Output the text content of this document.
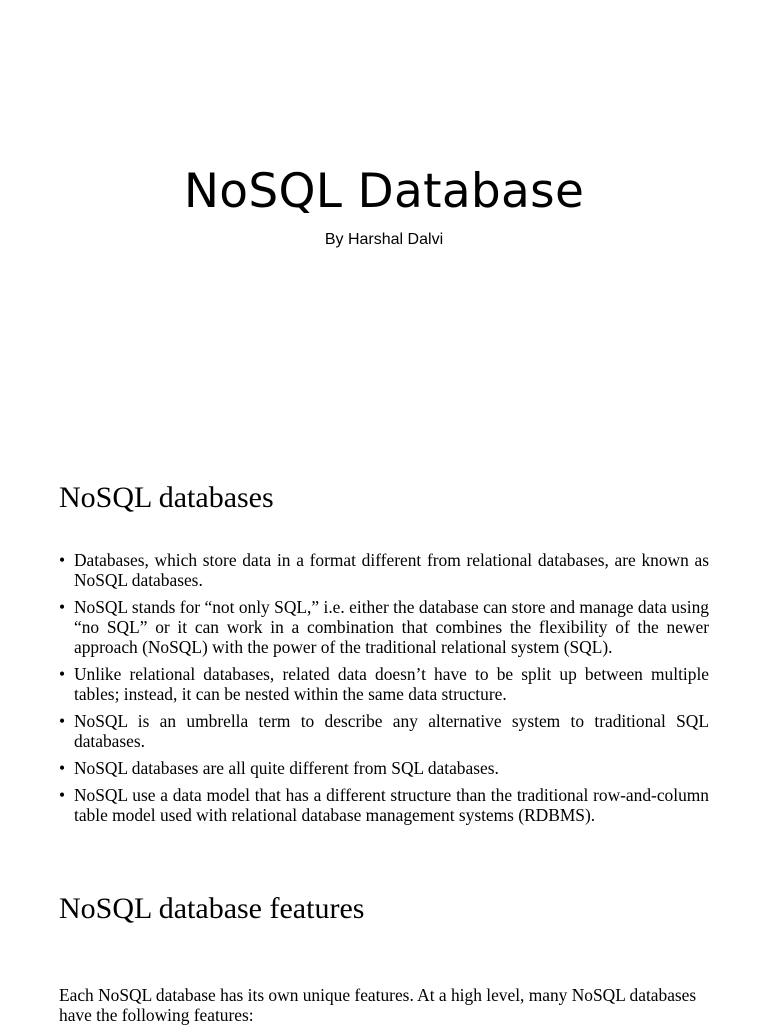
NoSQL Database
By Harshal Dalvi
NoSQL databases
• Databases, which store data in a format different from relational databases, are known as NoSQL databases.
• NoSQL stands for “not only SQL,” i.e. either the database can store and manage data using “no SQL” or it can work in a combination that combines the flexibility of the newer approach (NoSQL) with the power of the traditional relational system (SQL).
• Unlike relational databases, related data doesn’t have to be split up between multiple tables; instead, it can be nested within the same data structure.
• NoSQL is an umbrella term to describe any alternative system to traditional SQL databases.
• NoSQL databases are all quite different from SQL databases.
• NoSQL use a data model that has a different structure than the traditional row-and-column table model used with relational database management systems (RDBMS).
NoSQL database features

Each NoSQL database has its own unique features. At a high level, many NoSQL databases have the following features:
